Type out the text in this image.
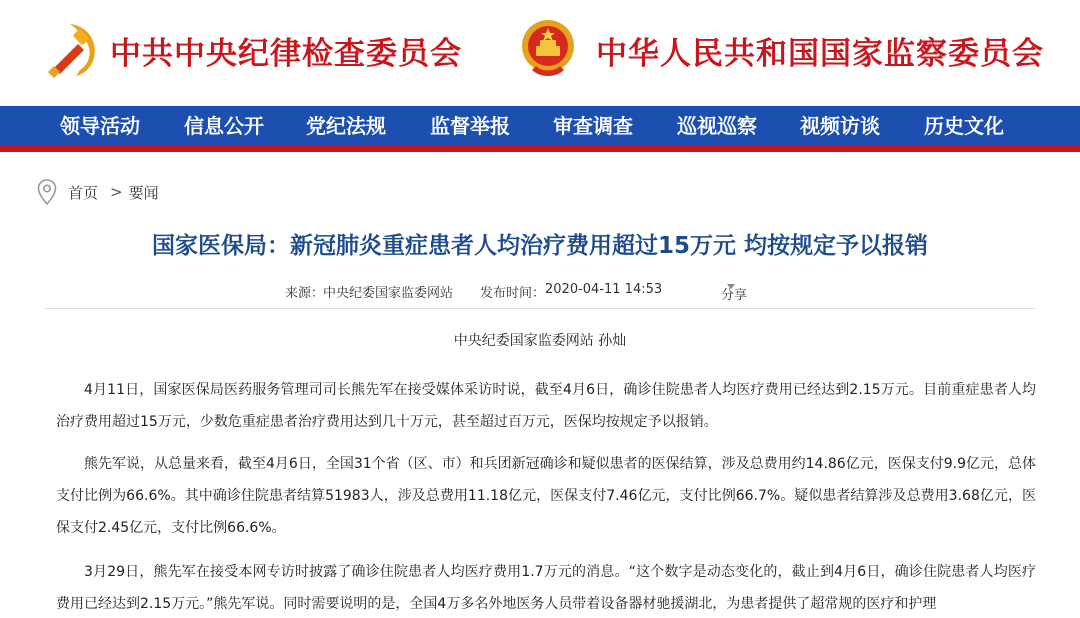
中共中央纪律检查委员会	中华人民共和国国家监察委员会
领导活动 信息公开 党纪法规 监督举报 审查调查 巡视巡察 视频访谈 历史文化
首页 > 要闻
国家医保局：新冠肺炎重症患者人均治疗费用超过15万元 均按规定予以报销
来源：
中央纪委国家监委网站 发布时间： 2020-04-11 14:53	分享

中央纪委国家监委网站 孙灿

4月11日，国家医保局医药服务管理司司长熊先军在接受媒体采访时说，截至4月6日，确诊住院患者人均医疗费用已经达到2.15万元。目前重症患者人均治疗费用超过15万元，少数危重症患者治疗费用达到几十万元，甚至超过百万元，医保均按规定予以报销。

熊先军说，从总量来看，截至4月6日，全国31个省（区、市）和兵团新冠确诊和疑似患者的医保结算，涉及总费用约14.86亿元，医保支付9.9亿元，总体支付比例为66.6%。其中确诊住院患者结算51983人，涉及总费用11.18亿元，医保支付7.46亿元，支付比例66.7%。疑似患者结算涉及总费用3.68亿元，医保支付2.45亿元，支付比例66.6%。

3月29日，熊先军在接受本网专访时披露了确诊住院患者人均医疗费用1.7万元的消息。“这个数字是动态变化的，截止到4月6日，确诊住院患者人均医疗费用已经达到2.15万元。”熊先军说。同时需要说明的是，全国4万多名外地医务人员带着设备器材驰援湖北，为患者提供了超常规的医疗和护理
